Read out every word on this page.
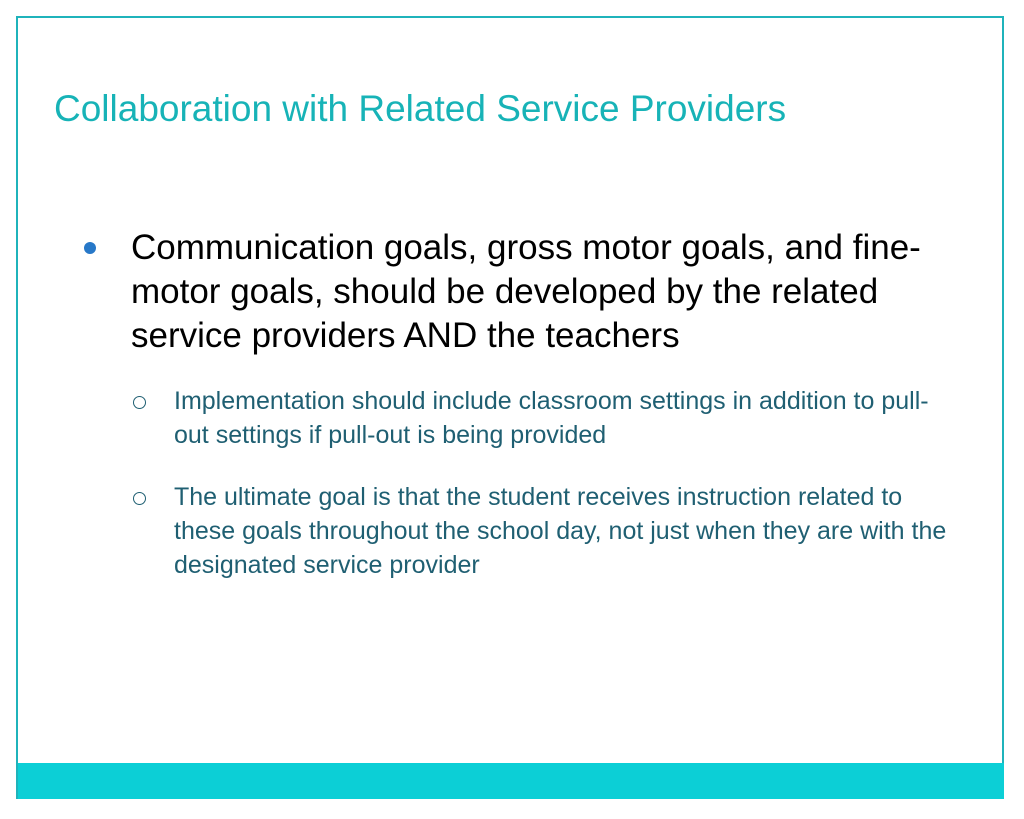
Collaboration with Related Service Providers
Communication goals, gross motor goals, and fine-motor goals, should be developed by the related service providers AND the teachers
Implementation should include classroom settings in addition to pull-out settings if pull-out is being provided
The ultimate goal is that the student receives instruction related to these goals throughout the school day, not just when they are with the designated service provider
